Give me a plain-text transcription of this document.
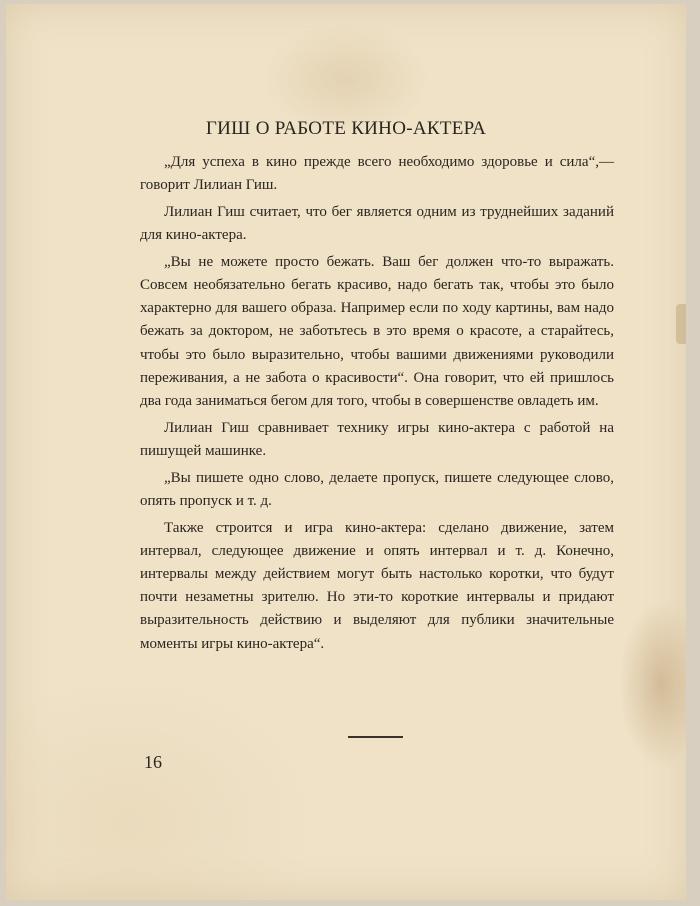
ГИШ О РАБОТЕ КИНО-АКТЕРА

„Для успеха в кино прежде всего необходимо здоровье и сила“,—говорит Лилиан Гиш.

Лилиан Гиш считает, что бег является одним из труднейших заданий для кино-актера.

„Вы не можете просто бежать. Ваш бег должен что-то выражать. Совсем необязательно бегать красиво, надо бегать так, чтобы это было характерно для вашего образа. Например если по ходу картины, вам надо бежать за доктором, не заботьтесь в это время о красоте, а старайтесь, чтобы это было выразительно, чтобы вашими движениями руководили переживания, а не забота о красивости“. Она говорит, что ей пришлось два года заниматься бегом для того, чтобы в совершенстве овладеть им.

Лилиан Гиш сравнивает технику игры кино-актера с работой на пишущей машинке.

„Вы пишете одно слово, делаете пропуск, пишете следующее слово, опять пропуск и т. д.

Также строится и игра кино-актера: сделано движение, затем интервал, следующее движение и опять интервал и т. д. Конечно, интервалы между действием могут быть настолько коротки, что будут почти незаметны зрителю. Но эти-то короткие интервалы и придают выразительность действию и выделяют для публики значительные моменты игры кино-актера“.

16
